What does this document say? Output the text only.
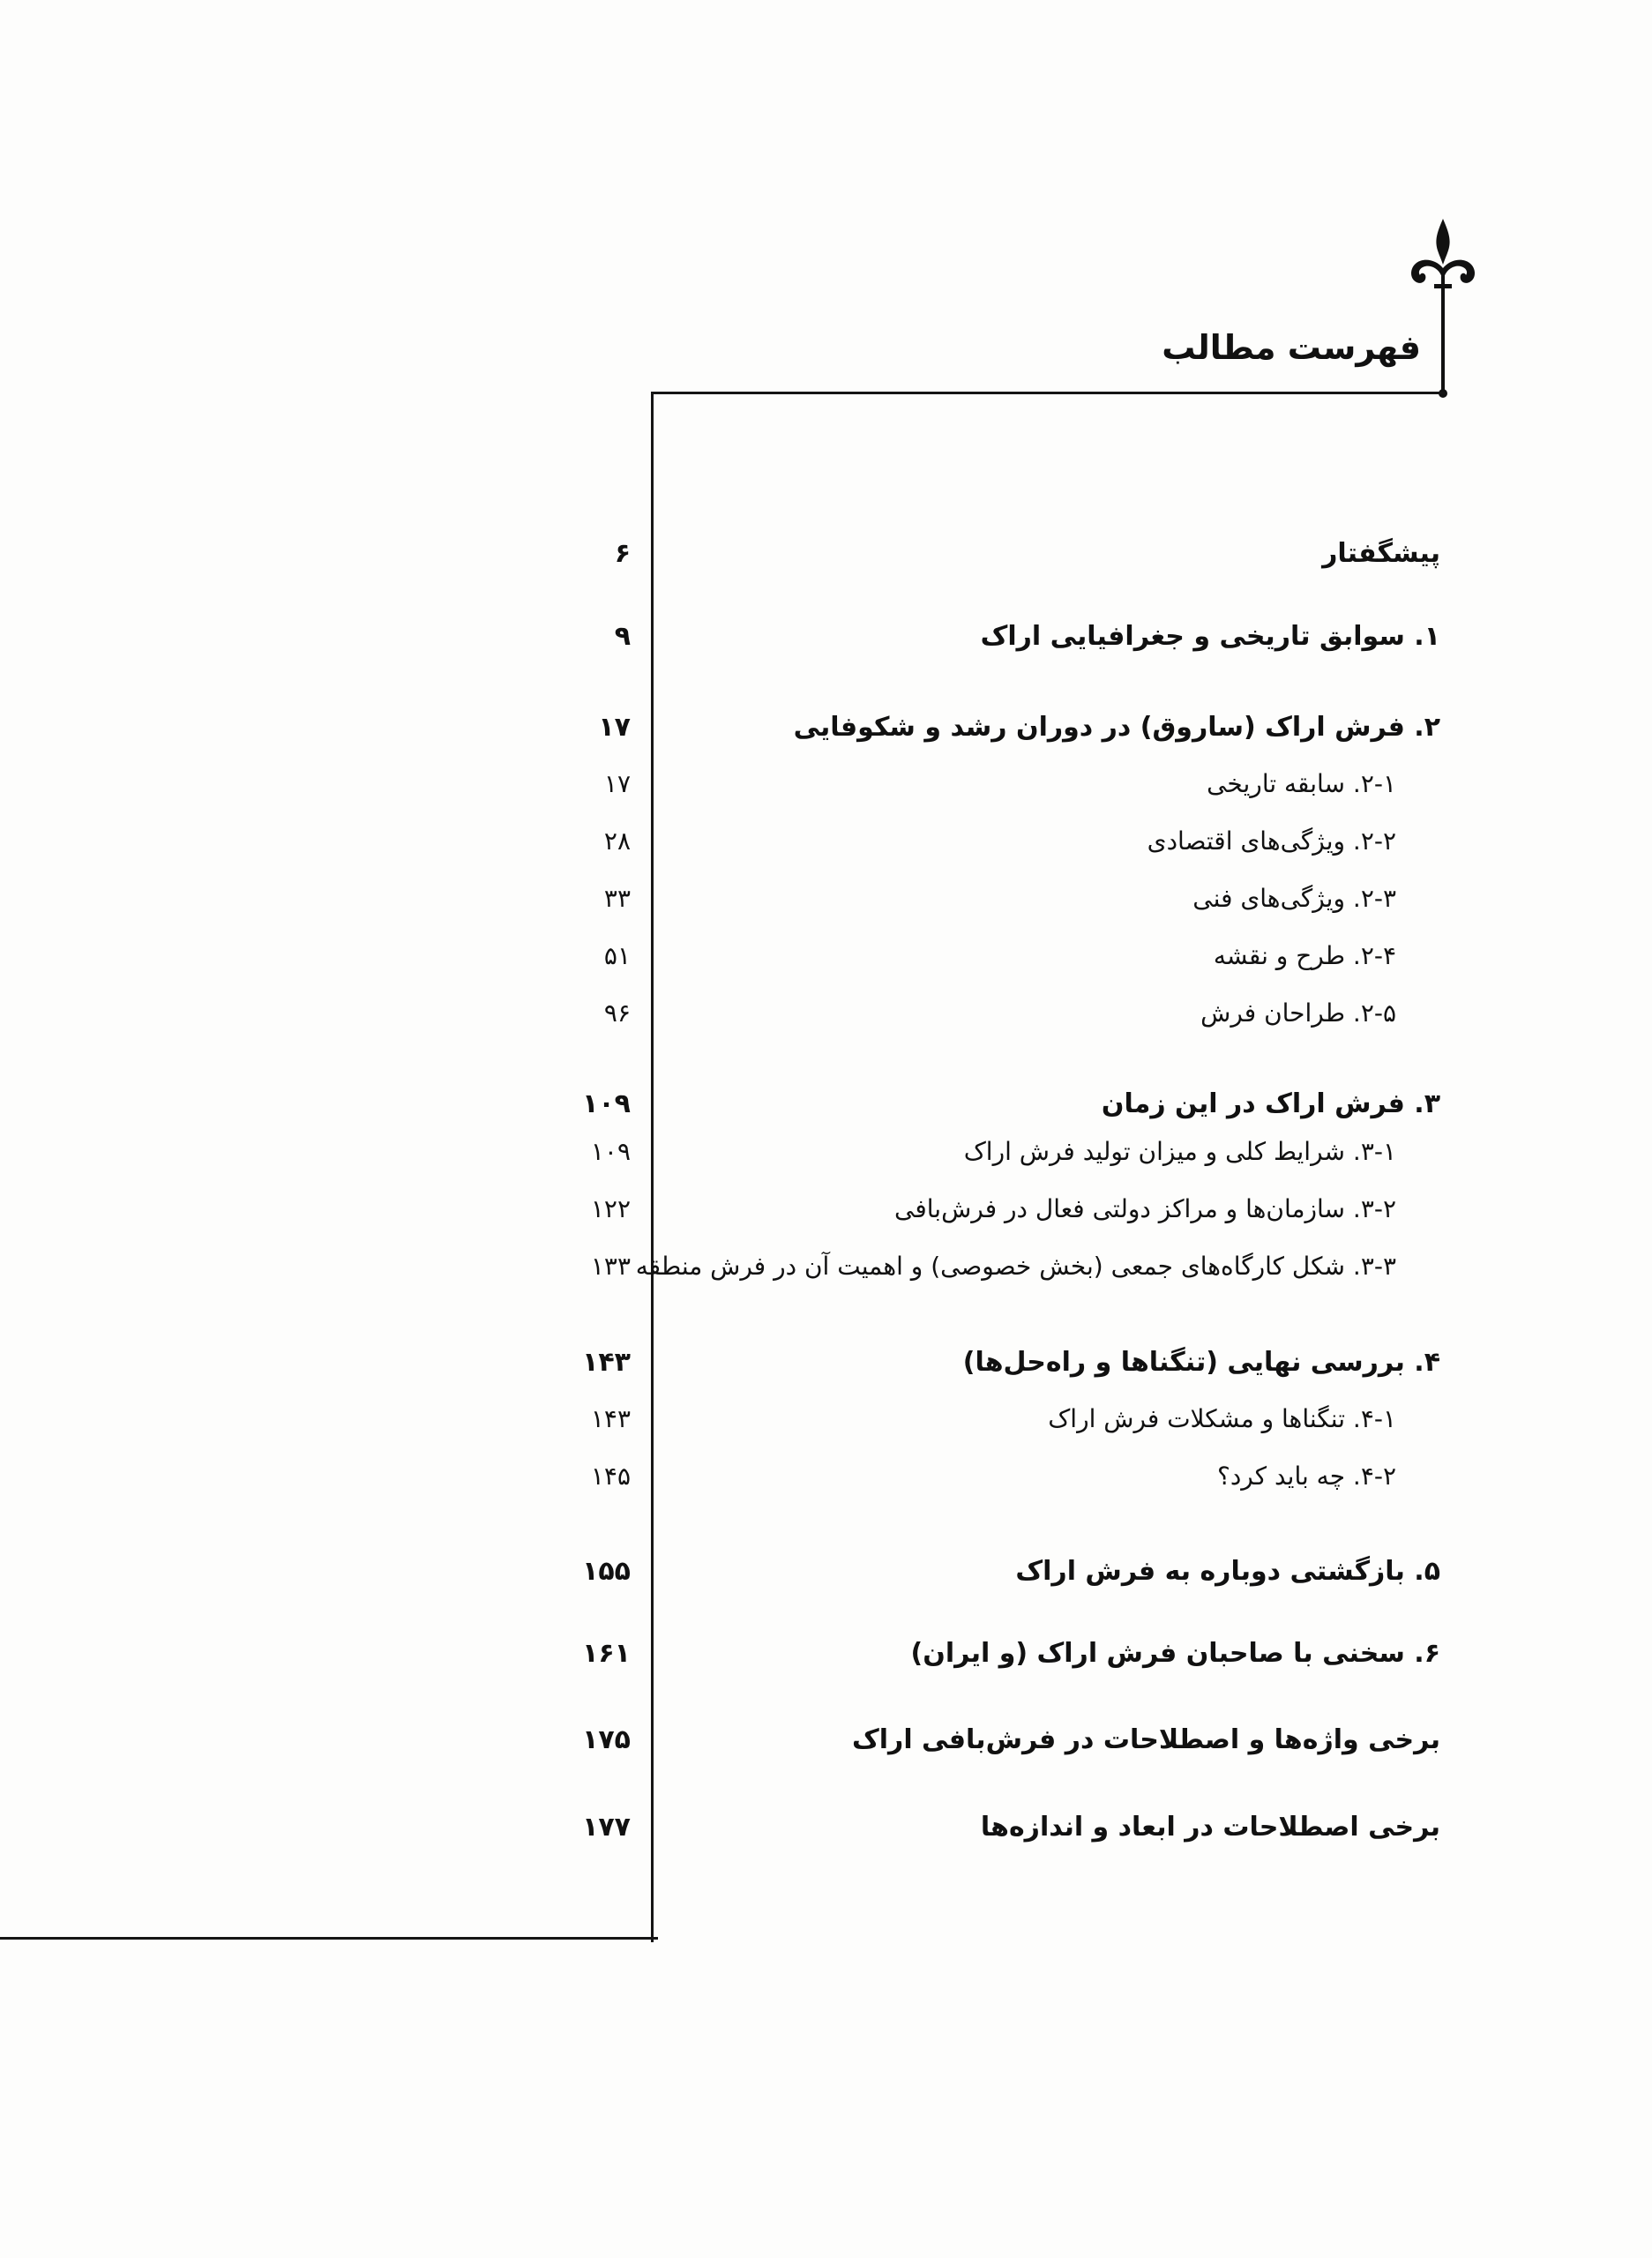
فهرست مطالب
پیشگفتار
۶
۱. سوابق تاریخی و جغرافیایی اراک
۹
۲. فرش اراک (ساروق) در دوران رشد و شکوفایی
۱۷
۲-۱. سابقه تاریخی
۱۷
۲-۲. ویژگی‌های اقتصادی
۲۸
۲-۳. ویژگی‌های فنی
۳۳
۲-۴. طرح و نقشه
۵۱
۲-۵. طراحان فرش
۹۶
۳. فرش اراک در این زمان
۱۰۹
۳-۱. شرایط کلی و میزان تولید فرش اراک
۱۰۹
۳-۲. سازمان‌ها و مراکز دولتی فعال در فرش‌بافی
۱۲۲
۳-۳. شکل کارگاه‌های جمعی (بخش خصوصی) و اهمیت آن در فرش منطقه
۱۳۳
۴. بررسی نهایی (تنگناها و راه‌حل‌ها)
۱۴۳
۴-۱. تنگناها و مشکلات فرش اراک
۱۴۳
۴-۲. چه باید کرد؟
۱۴۵
۵. بازگشتی دوباره به فرش اراک
۱۵۵
۶. سخنی با صاحبان فرش اراک (و ایران)
۱۶۱
برخی واژه‌ها و اصطلاحات در فرش‌بافی اراک
۱۷۵
برخی اصطلاحات در ابعاد و اندازه‌ها
۱۷۷
